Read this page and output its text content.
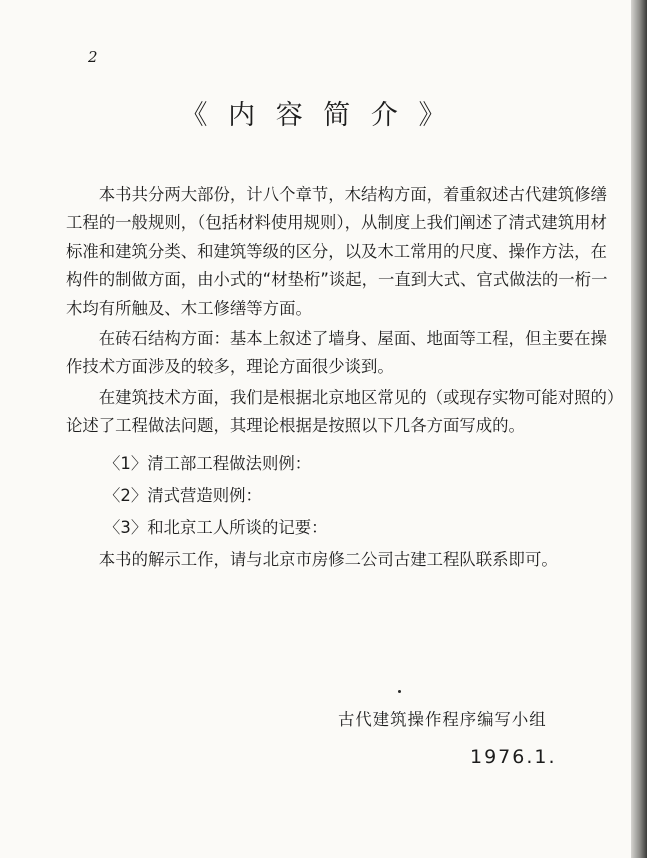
2
《 内 容 简 介 》

本书共分两大部份，计八个章节，木结构方面，着重叙述古代建筑修缮工程的一般规则，（包括材料使用规则），从制度上我们阐述了清式建筑用材标准和建筑分类、和建筑等级的区分，以及木工常用的尺度、操作方法，在构件的制做方面，由小式的“材垫桁”谈起，一直到大式、官式做法的一桁一木均有所触及、木工修缮等方面。

在砖石结构方面：基本上叙述了墙身、屋面、地面等工程，但主要在操作技术方面涉及的较多，理论方面很少谈到。

在建筑技术方面，我们是根据北京地区常见的（或现存实物可能对照的）论述了工程做法问题，其理论根据是按照以下几各方面写成的。

〈1〉清工部工程做法则例：
〈2〉清式营造则例：
〈3〉和北京工人所谈的记要：

本书的解示工作，请与北京市房修二公司古建工程队联系即可。

古代建筑操作程序编写小组
1976.1.
